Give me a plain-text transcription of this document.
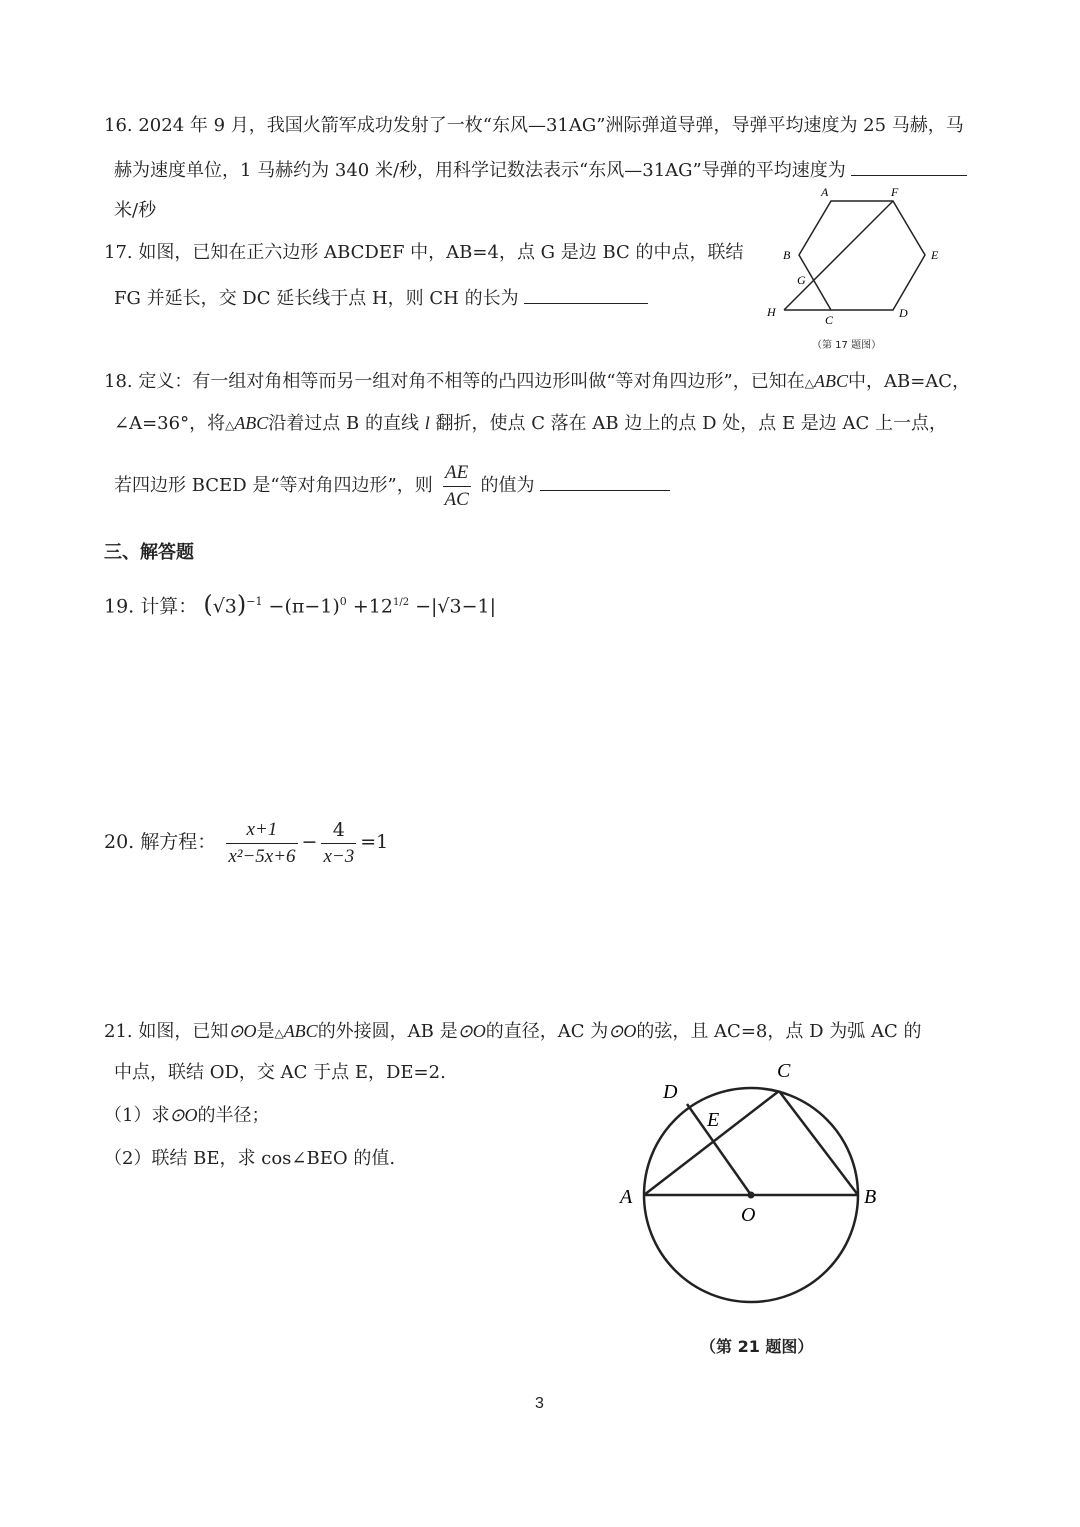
16. 2024 年 9 月，我国火箭军成功发射了一枚“东风—31AG”洲际弹道导弹，导弹平均速度为 25 马赫，马
赫为速度单位，1 马赫约为 340 米/秒，用科学记数法表示“东风—31AG”导弹的平均速度为
米/秒
17. 如图，已知在正六边形 ABCDEF 中，AB=4，点 G 是边 BC 的中点，联结
FG 并延长，交 DC 延长线于点 H，则 CH 的长为
A	F
B	E
G
H
C	D
（第 17 题图）
18. 定义：有一组对角相等而另一组对角不相等的凸四边形叫做“等对角四边形”，已知在△ABC中，AB=AC，
∠A=36°，将△ABC沿着过点 B 的直线 l 翻折，使点 C 落在 AB 边上的点 D 处，点 E 是边 AC 上一点，
若四边形 BCED 是“等对角四边形”，则 $\frac{AE}{AC}$ 的值为
三、解答题
19. 计算： $(√3)^{-1} -(\pi-1)^0 +12^{1/2} -|√3-1|$
20. 解方程： $\frac{x+1}{\text{x²−5x+6}} - \frac{4}{x-3} =1$
21. 如图，已知⊙O是△ABC的外接圆，AB 是⊙O的直径，AC 为⊙O的弦，且 AC=8，点 D 为弧 AC 的
中点，联结 OD，交 AC 于点 E，DE=2.
（1）求⊙O的半径；
（2）联结 BE，求 cos∠BEO 的值.
C
D
E
A
O
B
（第 21 题图）
3
